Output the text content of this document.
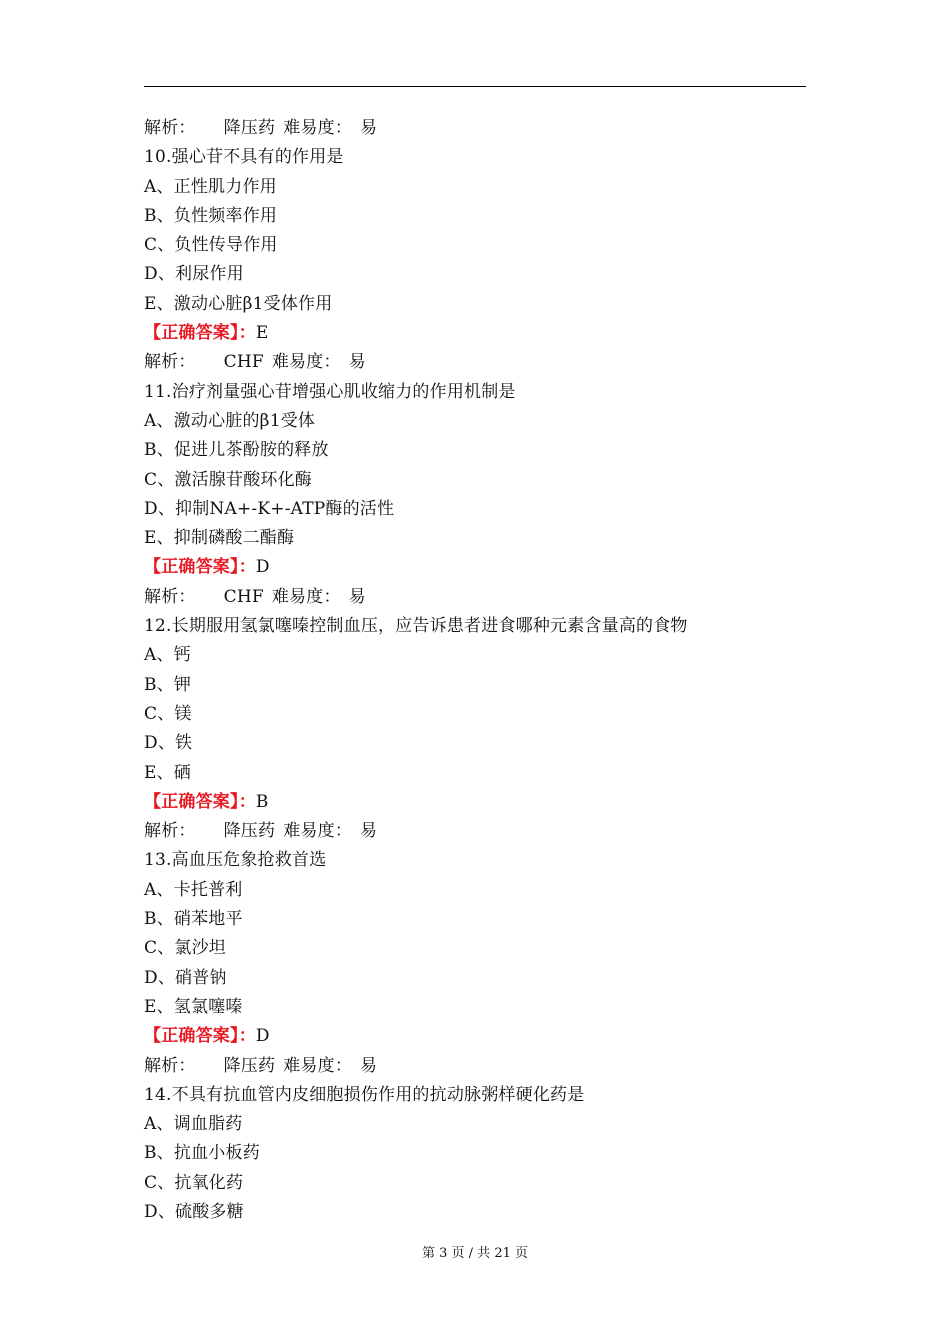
解析： 降压药 难易度： 易
10.强心苷不具有的作用是
A、正性肌力作用
B、负性频率作用
C、负性传导作用
D、利尿作用
E、激动心脏β1受体作用
【正确答案】：E
解析： CHF 难易度： 易
11.治疗剂量强心苷增强心肌收缩力的作用机制是
A、激动心脏的β1受体
B、促进儿茶酚胺的释放
C、激活腺苷酸环化酶
D、抑制NA+-K+-ATP酶的活性
E、抑制磷酸二酯酶
【正确答案】：D
解析： CHF 难易度： 易
12.长期服用氢氯噻嗪控制血压，应告诉患者进食哪种元素含量高的食物
A、钙
B、钾
C、镁
D、铁
E、硒
【正确答案】：B
解析： 降压药 难易度： 易
13.高血压危象抢救首选
A、卡托普利
B、硝苯地平
C、氯沙坦
D、硝普钠
E、氢氯噻嗪
【正确答案】：D
解析： 降压药 难易度： 易
14.不具有抗血管内皮细胞损伤作用的抗动脉粥样硬化药是
A、调血脂药
B、抗血小板药
C、抗氧化药
D、硫酸多糖
第 3 页 / 共 21 页
